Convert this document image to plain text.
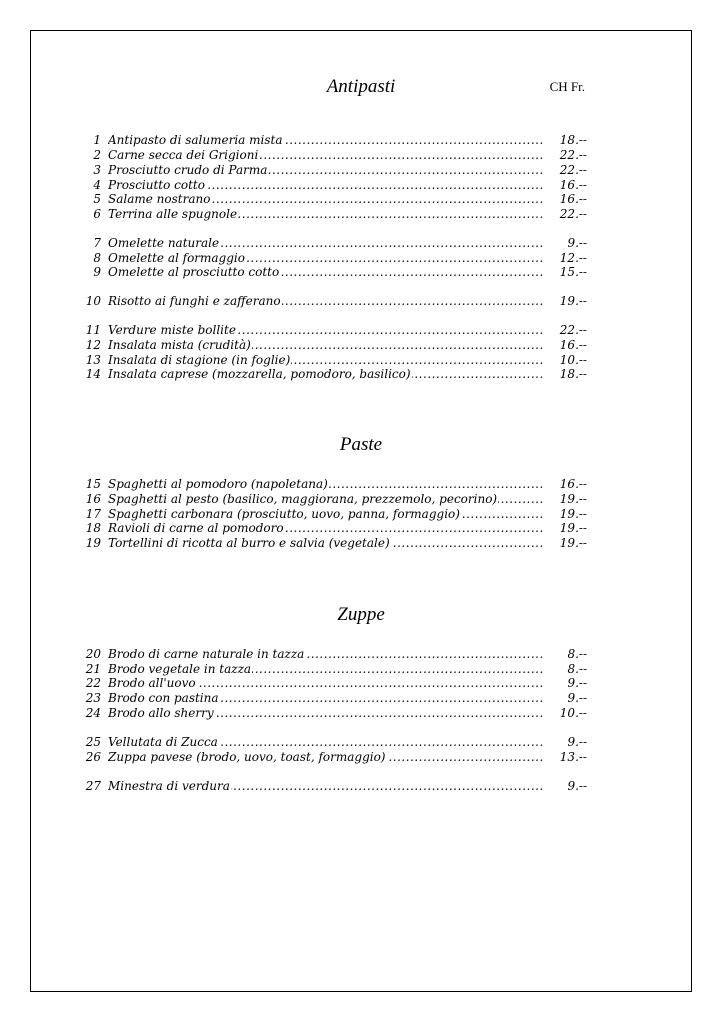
Antipasti	CH Fr.
1 Antipasto di salumeria mista .....	18.--
2 Carne secca dei Grigioni .....	22.--
3 Prosciutto crudo di Parma .....	22.--
4 Prosciutto cotto .....	16.--
5 Salame nostrano .....	16.--
6 Terrina alle spugnole .....	22.--
7 Omelette naturale .....	9.--
8 Omelette al formaggio .....	12.--
9 Omelette al prosciutto cotto .....	15.--
10 Risotto ai funghi e zafferano .....	19.--
11 Verdure miste bollite .....	22.--
12 Insalata mista (crudità) .....	16.--
13 Insalata di stagione (in foglie) .....	10.--
14 Insalata caprese (mozzarella, pomodoro, basilico) .....	18.--
Paste
15 Spaghetti al pomodoro (napoletana) .....	16.--
16 Spaghetti al pesto (basilico, maggiorana, prezzemolo, pecorino) .....	19.--
17 Spaghetti carbonara (prosciutto, uovo, panna, formaggio) .....	19.--
18 Ravioli di carne al pomodoro .....	19.--
19 Tortellini di ricotta al burro e salvia (vegetale) .....	19.--
Zuppe
20 Brodo di carne naturale in tazza .....	8.--
21 Brodo vegetale in tazza .....	8.--
22 Brodo all'uovo .....	9.--
23 Brodo con pastina .....	9.--
24 Brodo allo sherry .....	10.--
25 Vellutata di Zucca .....	9.--
26 Zuppa pavese (brodo, uovo, toast, formaggio) .....	13.--
27 Minestra di verdura .....	9.--
